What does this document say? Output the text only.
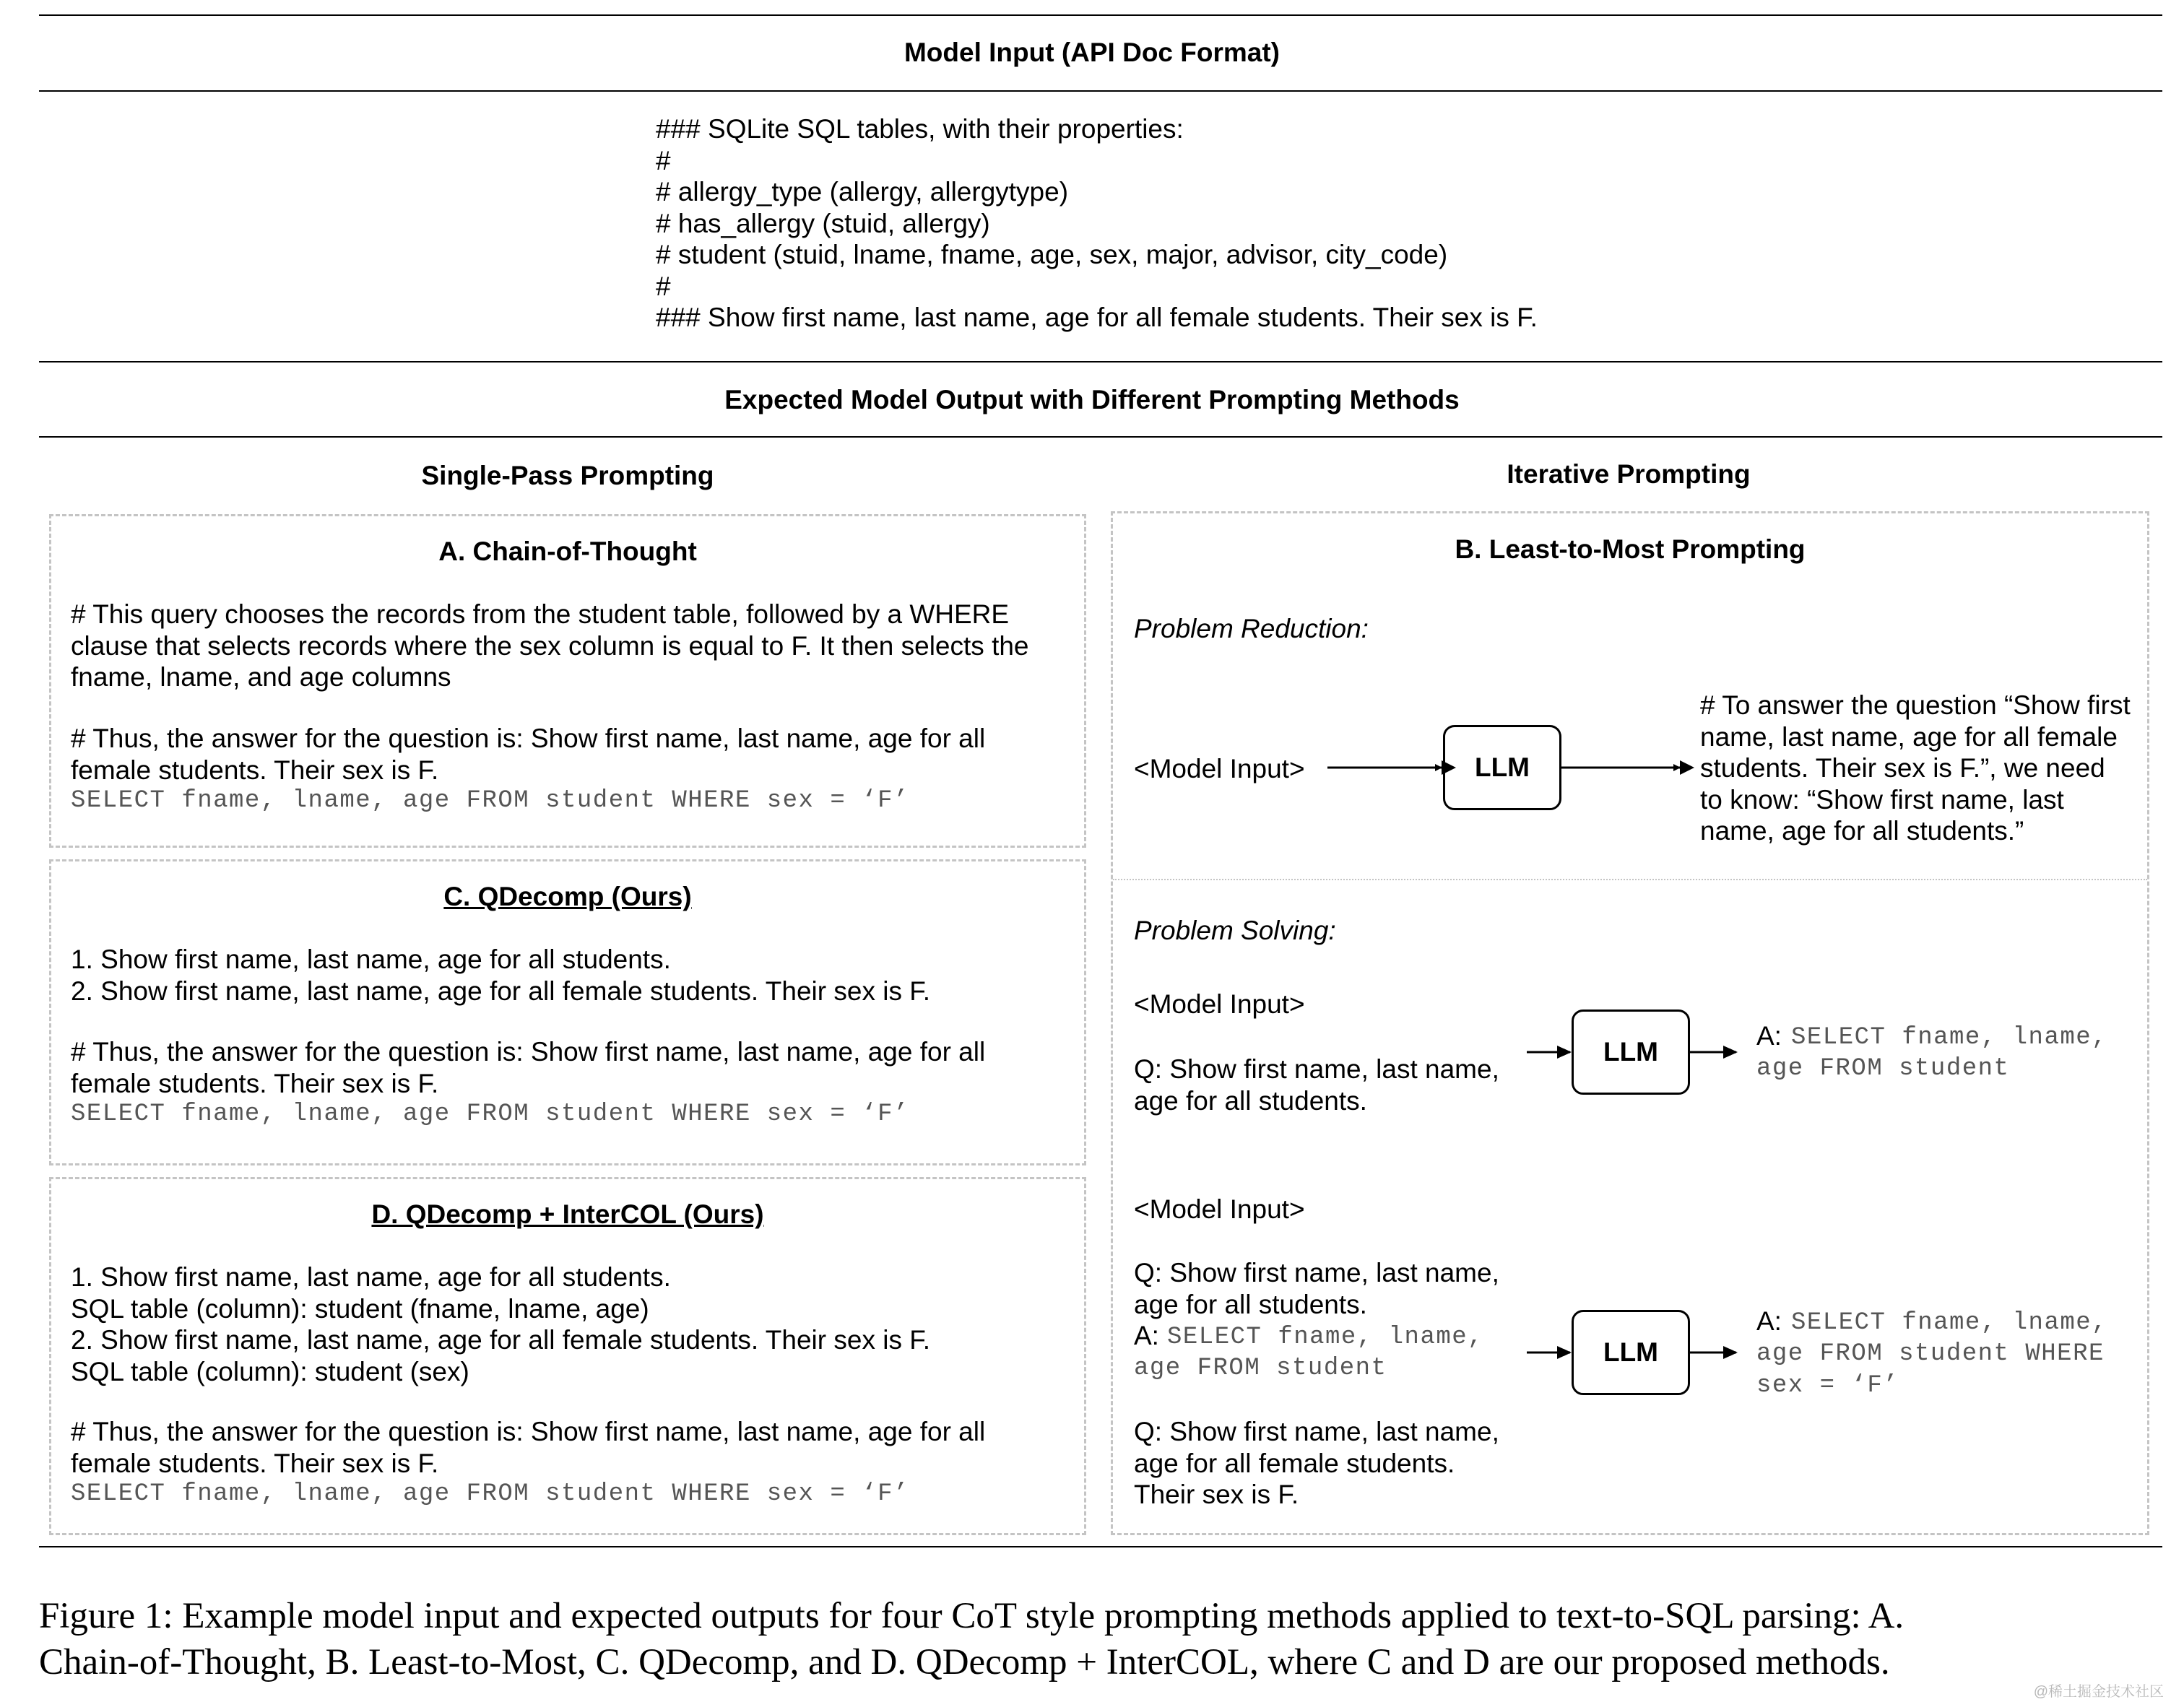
Model Input (API Doc Format)
### SQLite SQL tables, with their properties:
#
# allergy_type (allergy, allergytype)
# has_allergy (stuid, allergy)
# student (stuid, lname, fname, age, sex, major, advisor, city_code)
#
### Show first name, last name, age for all female students. Their sex is F.
Expected Model Output with Different Prompting Methods
Single-Pass Prompting	Iterative Prompting
A. Chain-of-Thought
# This query chooses the records from the student table, followed by a WHERE
clause that selects records where the sex column is equal to F. It then selects the
fname, lname, and age columns
# Thus, the answer for the question is: Show first name, last name, age for all
female students. Their sex is F.
SELECT fname, lname, age FROM student WHERE sex = ‘F’
C. QDecomp (Ours)
1. Show first name, last name, age for all students.
2. Show first name, last name, age for all female students. Their sex is F.
# Thus, the answer for the question is: Show first name, last name, age for all
female students. Their sex is F.
SELECT fname, lname, age FROM student WHERE sex = ‘F’
D. QDecomp + InterCOL (Ours)
1. Show first name, last name, age for all students.
SQL table (column): student (fname, lname, age)
2. Show first name, last name, age for all female students. Their sex is F.
SQL table (column): student (sex)
# Thus, the answer for the question is: Show first name, last name, age for all
female students. Their sex is F.
SELECT fname, lname, age FROM student WHERE sex = ‘F’
B. Least-to-Most Prompting
Problem Reduction:
<Model Input>	LLM
# To answer the question “Show first
name, last name, age for all female
students. Their sex is F.”, we need
to know: “Show first name, last
name, age for all students.”
Problem Solving:
<Model Input>
Q: Show first name, last name,
age for all students.
LLM
A: SELECT fname, lname,
age FROM student
<Model Input>
Q: Show first name, last name,
age for all students.
A: SELECT fname, lname,
age FROM student
Q: Show first name, last name,
age for all female students.
Their sex is F.
LLM
A: SELECT fname, lname,
age FROM student WHERE
sex = ‘F’
Figure 1: Example model input and expected outputs for four CoT style prompting methods applied to text-to-SQL parsing: A.
Chain-of-Thought, B. Least-to-Most, C. QDecomp, and D. QDecomp + InterCOL, where C and D are our proposed methods.
@稀土掘金技术社区
